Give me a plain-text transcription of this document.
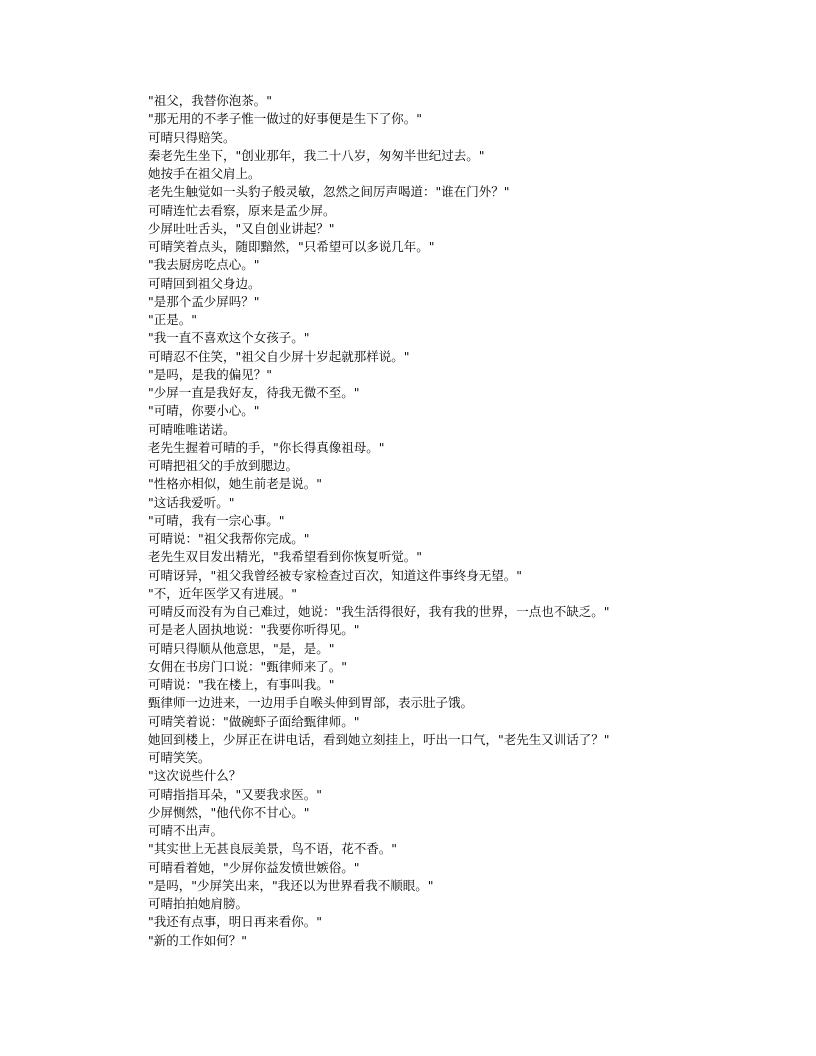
"祖父，我替你泡茶。"
"那无用的不孝子惟一做过的好事便是生下了你。"
可晴只得赔笑。
秦老先生坐下，"创业那年，我二十八岁，匆匆半世纪过去。"
她按手在祖父肩上。
老先生触觉如一头豹子般灵敏，忽然之间厉声喝道："谁在门外？"
可晴连忙去看察，原来是孟少屏。
少屏吐吐舌头，"又自创业讲起？"
可晴笑着点头，随即黯然，"只希望可以多说几年。"
"我去厨房吃点心。"
可晴回到祖父身边。
"是那个孟少屏吗？"
"正是。"
"我一直不喜欢这个女孩子。"
可晴忍不住笑，"祖父自少屏十岁起就那样说。"
"是吗，是我的偏见？"
"少屏一直是我好友，待我无微不至。"
"可晴，你要小心。"
可晴唯唯诺诺。
老先生握着可晴的手，"你长得真像祖母。"
可晴把祖父的手放到腮边。
"性格亦相似，她生前老是说。"
"这话我爱听。"
"可晴，我有一宗心事。"
可晴说："祖父我帮你完成。"
老先生双目发出精光，"我希望看到你恢复听觉。"
可晴讶异，"祖父我曾经被专家检查过百次，知道这件事终身无望。"
"不，近年医学又有进展。"
可晴反而没有为自己难过，她说："我生活得很好，我有我的世界，一点也不缺乏。"
可是老人固执地说："我要你听得见。"
可晴只得顺从他意思，"是，是。"
女佣在书房门口说："甄律师来了。"
可晴说："我在楼上，有事叫我。"
甄律师一边进来，一边用手自喉头伸到胃部，表示肚子饿。
可晴笑着说："做碗虾子面给甄律师。"
她回到楼上，少屏正在讲电话，看到她立刻挂上，吁出一口气，"老先生又训话了？"
可晴笑笑。
"这次说些什么？
可晴指指耳朵，"又要我求医。"
少屏恻然，"他代你不甘心。"
可晴不出声。
"其实世上无甚良辰美景，鸟不语，花不香。"
可晴看着她，"少屏你益发愤世嫉俗。"
"是吗，"少屏笑出来，"我还以为世界看我不顺眼。"
可晴拍拍她肩膀。
"我还有点事，明日再来看你。"
"新的工作如何？"
